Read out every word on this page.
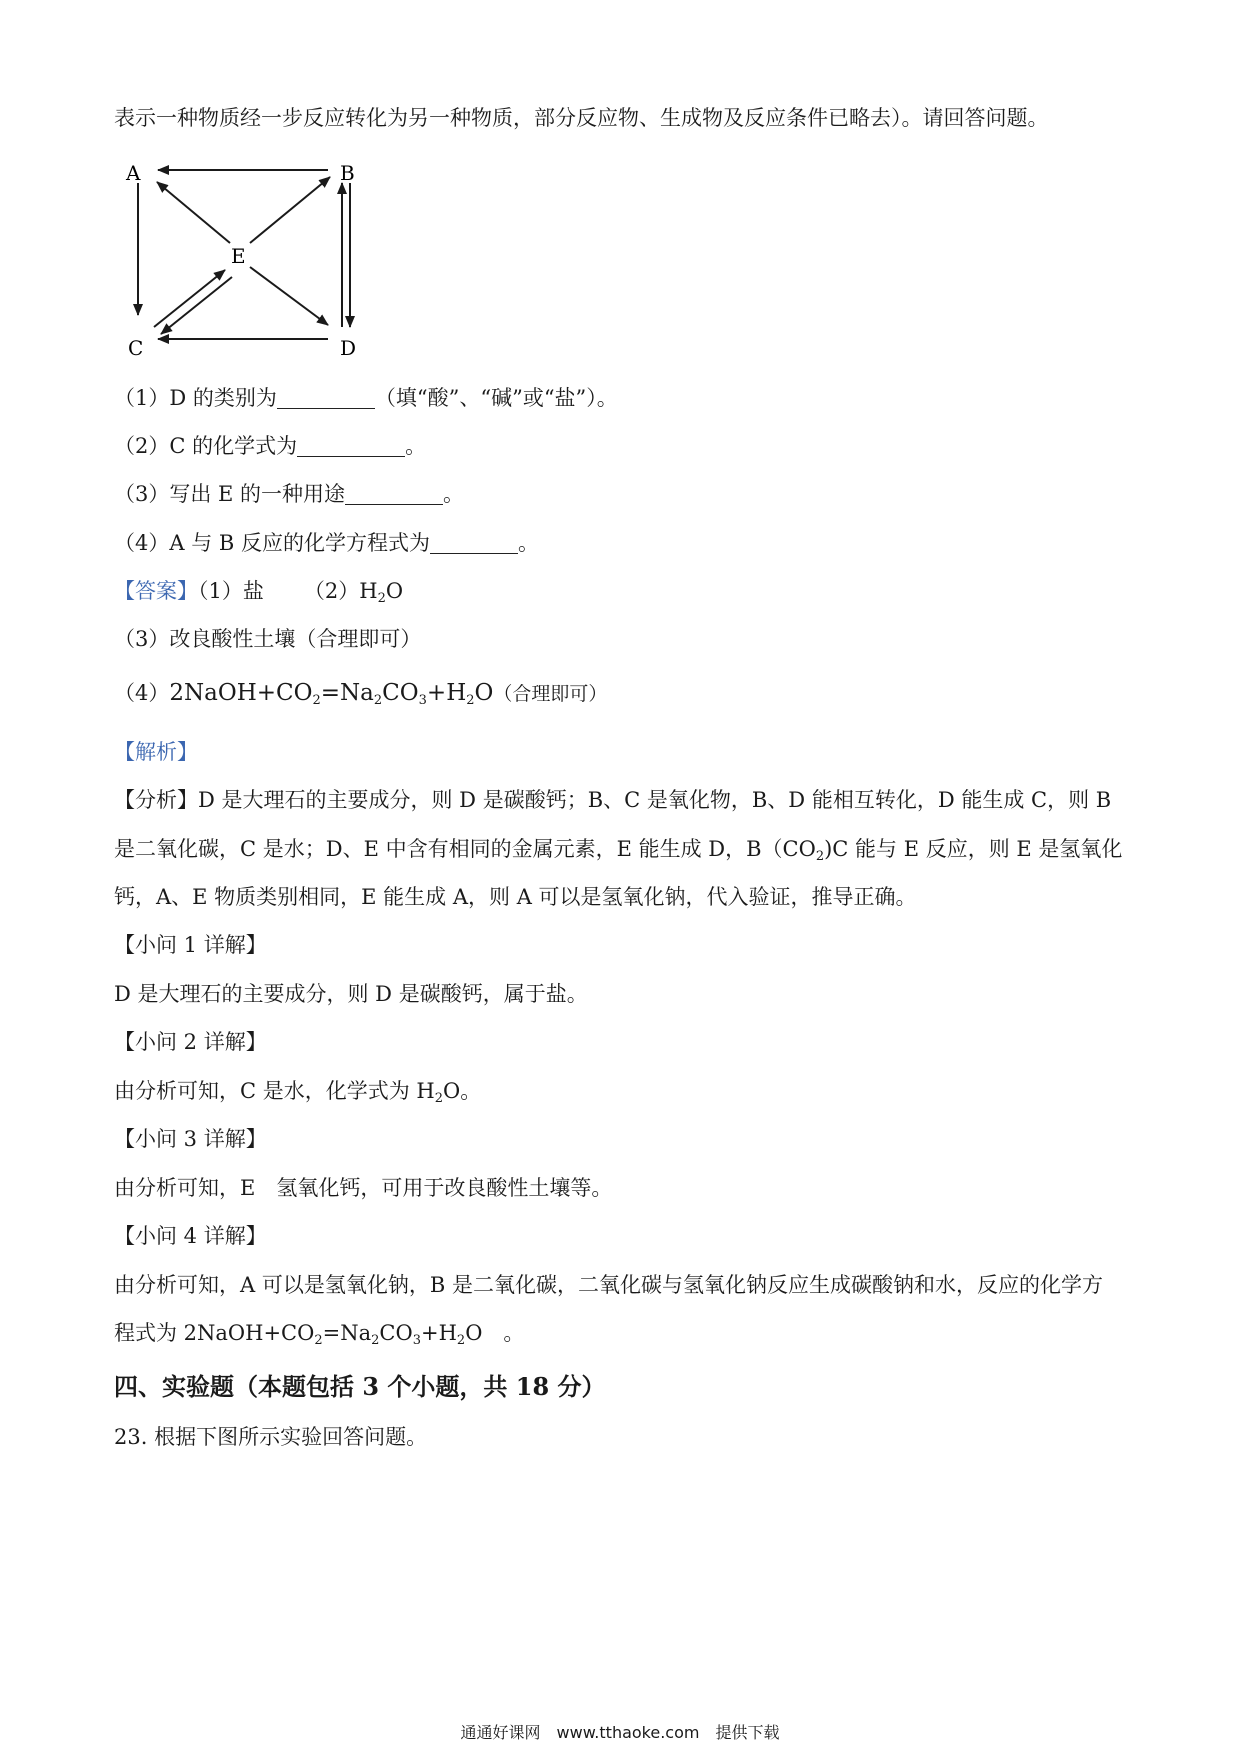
表示一种物质经一步反应转化为另一种物质，部分反应物、生成物及反应条件已略去）。请回答问题。
A	B
C	D
E
（1）D 的类别为	（填“酸”、“碱”或“盐”）。
（2）C 的化学式为	。
（3）写出 E 的一种用途	。
（4）A 与 B 反应的化学方程式为	。
【答案】（1）盐 $(2)H_2O$
（3）改良酸性土壤（合理即可）
$(4)2NaOH+CO_2=Na_2CO_3+H_2O$（合理即可）
【解析】
【分析】D 是大理石的主要成分，则 D 是碳酸钙；B、C 是氧化物，B、D 能相互转化，D 能生成 C，则 B
是二氧化碳，C 是水；D、E 中含有相同的金属元素，E 能生成 D，$B(CO_2)C$ 能与 E 反应，则 E 是氢氧化
钙，A、E 物质类别相同，E 能生成 A，则 A 可以是氢氧化钠，代入验证，推导正确。
【小问 1 详解】
D 是大理石的主要成分，则 D 是碳酸钙，属于盐。
【小问 2 详解】
由分析可知，C 是水，化学式为 $H_2O$。
【小问 3 详解】
由分析可知，E　氢氧化钙，可用于改良酸性土壤等。
【小问 4 详解】
由分析可知，A 可以是氢氧化钠，B 是二氧化碳，二氧化碳与氢氧化钠反应生成碳酸钠和水，反应的化学方
程式为 $2NaOH+CO_2=Na_2CO_3+H_2O$　。
四、实验题（本题包括 3 个小题，共 18 分）
23. 根据下图所示实验回答问题。
通通好课网　www.tthaoke.com　提供下载
